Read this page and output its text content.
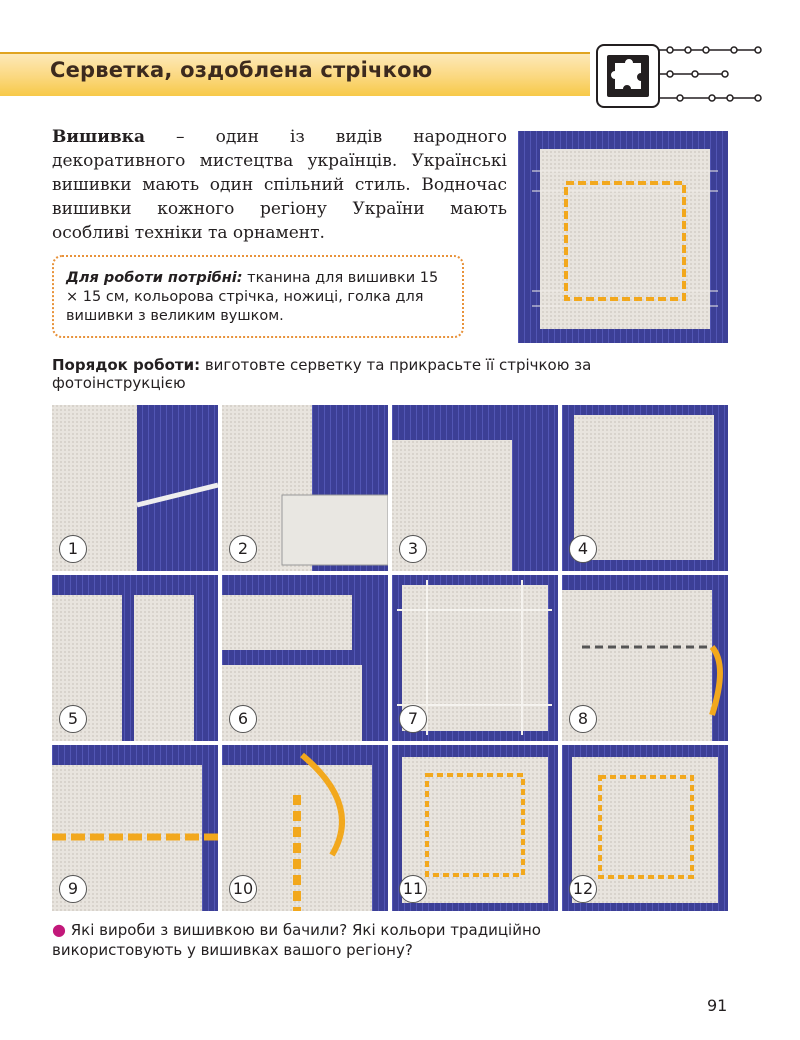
Серветка, оздоблена стрічкою
Вишивка – один із видів народного декоративного мистецтва українців. Українські вишивки мають один спільний стиль. Водночас вишивки кожного регіону України мають особливі техніки та орнамент.
Для роботи потрібні: тканина для вишивки 15 × 15 см, кольорова стрічка, ножиці, голка для вишивки з великим вушком.
Порядок роботи: виготовте серветку та прикрасьте її стрічкою за фотоінструкцією
1	2	3	4
5	6	7	8
9	10	11	12
● Які вироби з вишивкою ви бачили? Які кольори традиційно використовують у вишивках вашого регіону?
91
